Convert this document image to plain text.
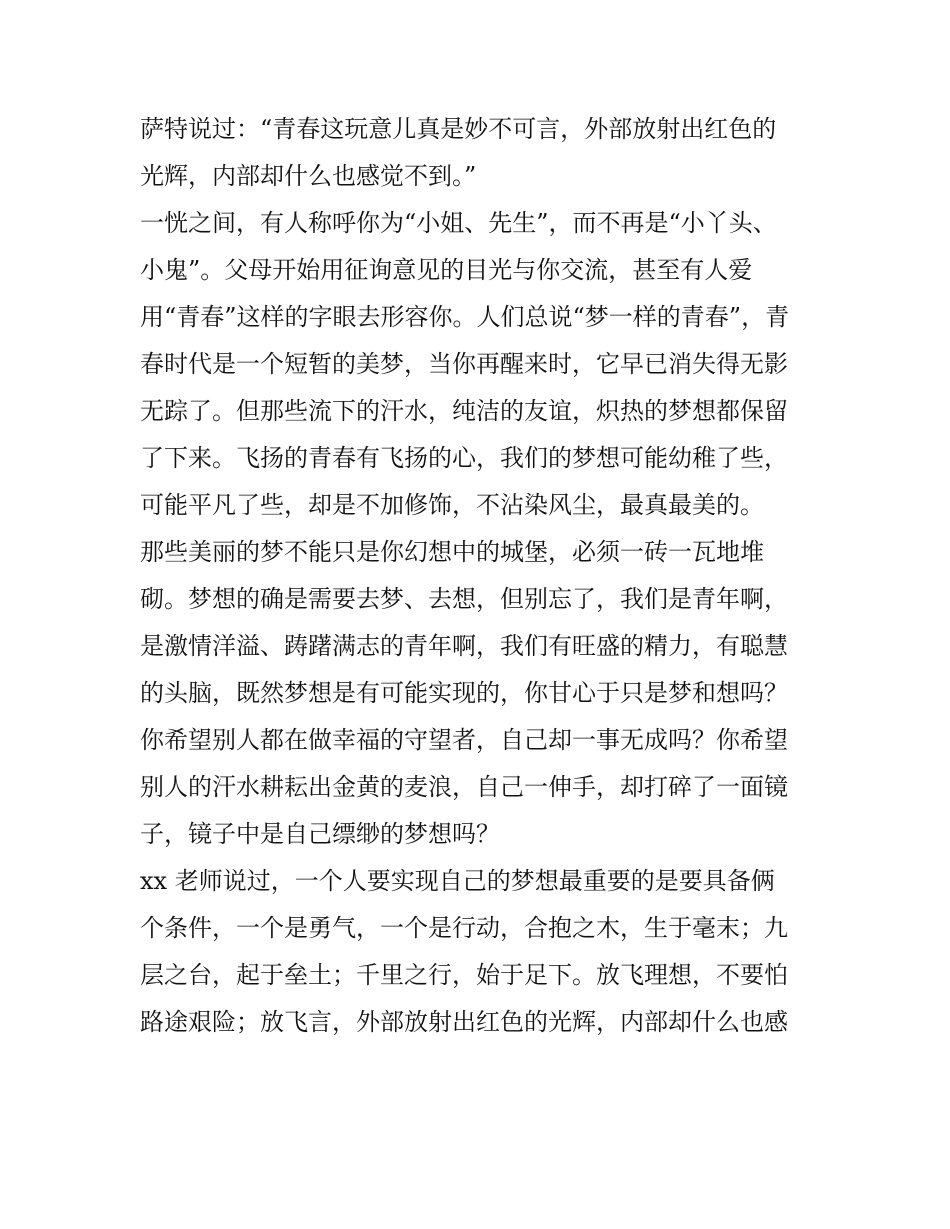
萨特说过：“青春这玩意儿真是妙不可言，外部放射出红色的
光辉，内部却什么也感觉不到。”
一恍之间，有人称呼你为“小姐、先生”，而不再是“小丫头、
小鬼”。父母开始用征询意见的目光与你交流，甚至有人爱
用“青春”这样的字眼去形容你。人们总说“梦一样的青春”，青
春时代是一个短暂的美梦，当你再醒来时，它早已消失得无影
无踪了。但那些流下的汗水，纯洁的友谊，炽热的梦想都保留
了下来。飞扬的青春有飞扬的心，我们的梦想可能幼稚了些，
可能平凡了些，却是不加修饰，不沾染风尘，最真最美的。
那些美丽的梦不能只是你幻想中的城堡，必须一砖一瓦地堆
砌。梦想的确是需要去梦、去想，但别忘了，我们是青年啊，
是激情洋溢、踌躇满志的青年啊，我们有旺盛的精力，有聪慧
的头脑，既然梦想是有可能实现的，你甘心于只是梦和想吗？
你希望别人都在做幸福的守望者，自己却一事无成吗？你希望
别人的汗水耕耘出金黄的麦浪，自己一伸手，却打碎了一面镜
子，镜子中是自己缥缈的梦想吗？
xx 老师说过，一个人要实现自己的梦想最重要的是要具备俩
个条件，一个是勇气，一个是行动，合抱之木，生于毫末；九
层之台，起于垒土；千里之行，始于足下。放飞理想，不要怕
路途艰险；放飞言，外部放射出红色的光辉，内部却什么也感
